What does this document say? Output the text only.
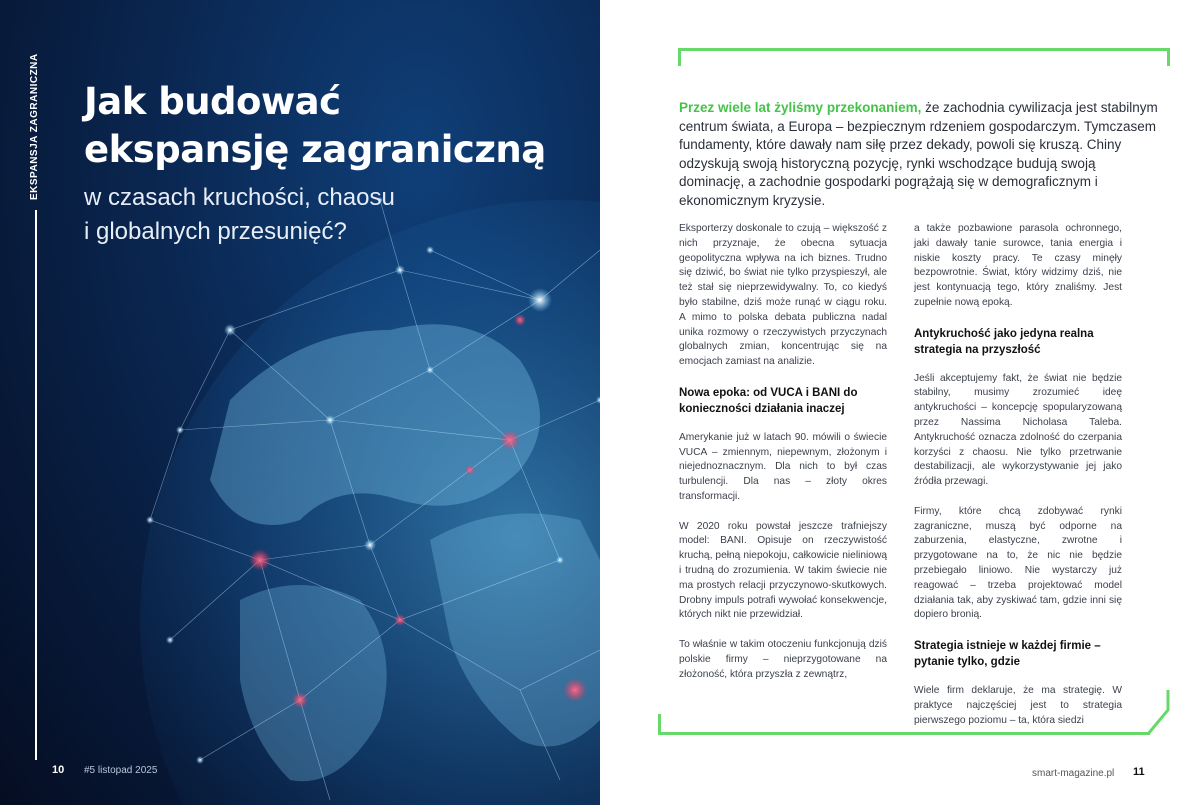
EKSPANSJA ZAGRANICZNA Jak budować
ekspansję zagraniczną
w czasach kruchości, chaosu
i globalnych przesunięć?
10 #5 listopad 2025

Przez wiele lat żyliśmy przekonaniem, że zachodnia cywilizacja jest stabilnym centrum świata, a Europa – bezpiecznym rdzeniem gospodarczym. Tymczasem fundamenty, które dawały nam siłę przez dekady, powoli się kruszą. Chiny odzyskują swoją historyczną pozycję, rynki wschodzące budują swoją dominację, a zachodnie gospodarki pogrążają się w demograficznym i ekonomicznym kryzysie.

Eksporterzy doskonale to czują – większość z nich przyznaje, że obecna sytuacja geopolityczna wpływa na ich biznes. Trudno się dziwić, bo świat nie tylko przyspieszył, ale też stał się nieprzewidywalny. To, co kiedyś było stabilne, dziś może runąć w ciągu roku. A mimo to polska debata publiczna nadal unika rozmowy o rzeczywistych przyczynach globalnych zmian, koncentrując się na emocjach zamiast na analizie.

Nowa epoka: od VUCA i BANI do konieczności działania inaczej

Amerykanie już w latach 90. mówili o świecie VUCA – zmiennym, niepewnym, złożonym i niejednoznacznym. Dla nich to był czas turbulencji. Dla nas – złoty okres transformacji.

W 2020 roku powstał jeszcze trafniejszy model: BANI. Opisuje on rzeczywistość kruchą, pełną niepokoju, całkowicie nieliniową i trudną do zrozumienia. W takim świecie nie ma prostych relacji przyczynowo-skutkowych. Drobny impuls potrafi wywołać konsekwencje, których nikt nie przewidział.

To właśnie w takim otoczeniu funkcjonują dziś polskie firmy – nieprzygotowane na złożoność, która przyszła z zewnątrz,

a także pozbawione parasola ochronnego, jaki dawały tanie surowce, tania energia i niskie koszty pracy. Te czasy minęły bezpowrotnie. Świat, który widzimy dziś, nie jest kontynuacją tego, który znaliśmy. Jest zupełnie nową epoką.

Antykruchość jako jedyna realna strategia na przyszłość

Jeśli akceptujemy fakt, że świat nie będzie stabilny, musimy zrozumieć ideę antykruchości – koncepcję spopularyzowaną przez Nassima Nicholasa Taleba. Antykruchość oznacza zdolność do czerpania korzyści z chaosu. Nie tylko przetrwanie destabilizacji, ale wykorzystywanie jej jako źródła przewagi.

Firmy, które chcą zdobywać rynki zagraniczne, muszą być odporne na zaburzenia, elastyczne, zwrotne i przygotowane na to, że nic nie będzie przebiegało liniowo. Nie wystarczy już reagować – trzeba projektować model działania tak, aby zyskiwać tam, gdzie inni się dopiero bronią.

Strategia istnieje w każdej firmie – pytanie tylko, gdzie

Wiele firm deklaruje, że ma strategię. W praktyce najczęściej jest to strategia pierwszego poziomu – ta, która siedzi

smart-magazine.pl 11
